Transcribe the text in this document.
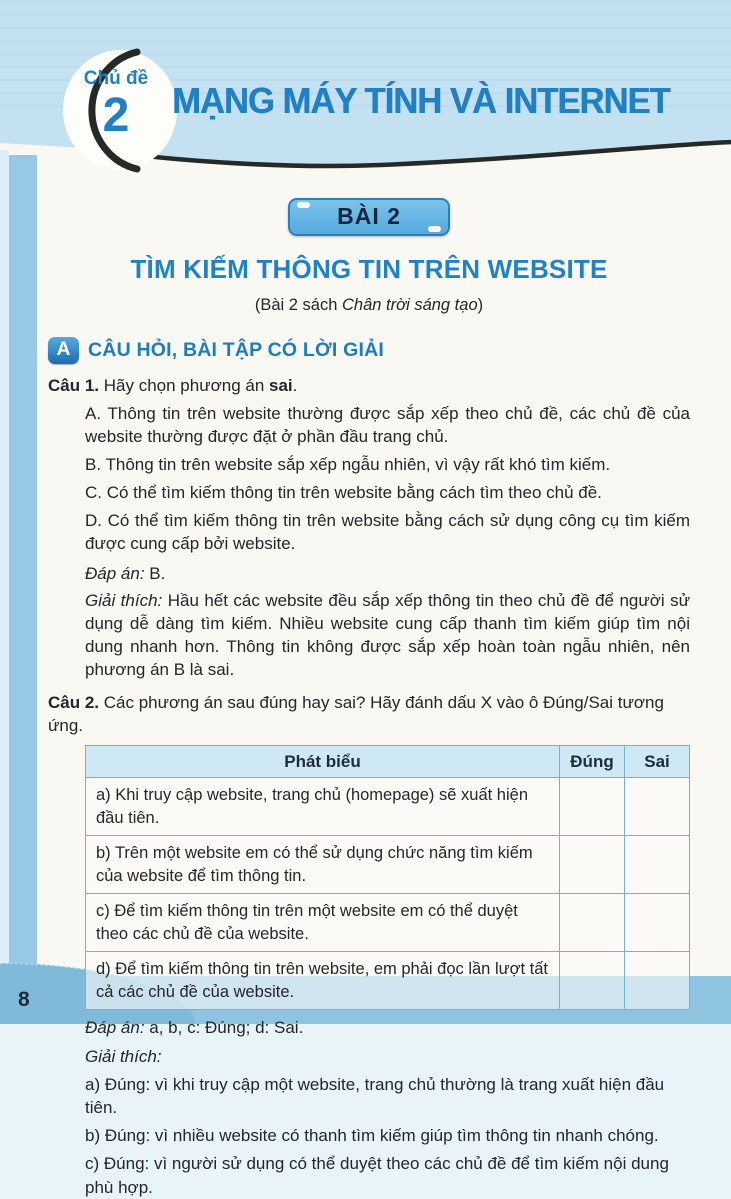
Chủ đề
2	MẠNG MÁY TÍNH VÀ INTERNET
8
BÀI 2
TÌM KIẾM THÔNG TIN TRÊN WEBSITE
(Bài 2 sách Chân trời sáng tạo)
A CÂU HỎI, BÀI TẬP CÓ LỜI GIẢI
Câu 1. Hãy chọn phương án sai.
A. Thông tin trên website thường được sắp xếp theo chủ đề, các chủ đề của website thường được đặt ở phần đầu trang chủ.
B. Thông tin trên website sắp xếp ngẫu nhiên, vì vậy rất khó tìm kiếm.
C. Có thể tìm kiếm thông tin trên website bằng cách tìm theo chủ đề.
D. Có thể tìm kiếm thông tin trên website bằng cách sử dụng công cụ tìm kiếm được cung cấp bởi website.
Đáp án: B.
Giải thích: Hầu hết các website đều sắp xếp thông tin theo chủ đề để người sử dụng dễ dàng tìm kiếm. Nhiều website cung cấp thanh tìm kiếm giúp tìm nội dung nhanh hơn. Thông tin không được sắp xếp hoàn toàn ngẫu nhiên, nên phương án B là sai.
Câu 2. Các phương án sau đúng hay sai? Hãy đánh dấu X vào ô Đúng/Sai tương ứng.
Phát biểu	Đúng	Sai
a) Khi truy cập website, trang chủ (homepage) sẽ xuất hiện đầu tiên.		
b) Trên một website em có thể sử dụng chức năng tìm kiếm của website để tìm thông tin.		
c) Để tìm kiếm thông tin trên một website em có thể duyệt theo các chủ đề của website.		
d) Để tìm kiếm thông tin trên website, em phải đọc lần lượt tất cả các chủ đề của website.		
Đáp án: a, b, c: Đúng; d: Sai.
Giải thích:
a) Đúng: vì khi truy cập một website, trang chủ thường là trang xuất hiện đầu tiên.
b) Đúng: vì nhiều website có thanh tìm kiếm giúp tìm thông tin nhanh chóng.
c) Đúng: vì người sử dụng có thể duyệt theo các chủ đề để tìm kiếm nội dung phù hợp.
